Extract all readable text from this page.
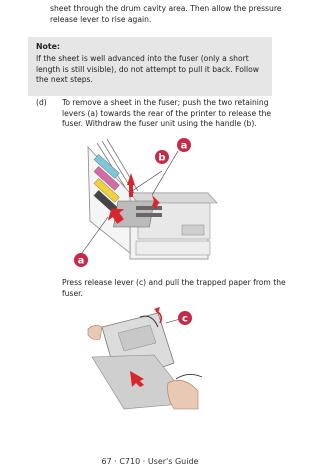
sheet through the drum cavity area. Then allow the pressure release lever to rise again.

Note:

If the sheet is well advanced into the fuser (only a short length is still visible), do not attempt to pull it back. Follow the next steps.

(d) To remove a sheet in the fuser; push the two retaining levers (a) towards the rear of the printer to release the fuser. Withdraw the fuser unit using the handle (b).
a
b
a

Press release lever (c) and pull the trapped paper from the fuser.

c
67 · C710 · User's Guide
